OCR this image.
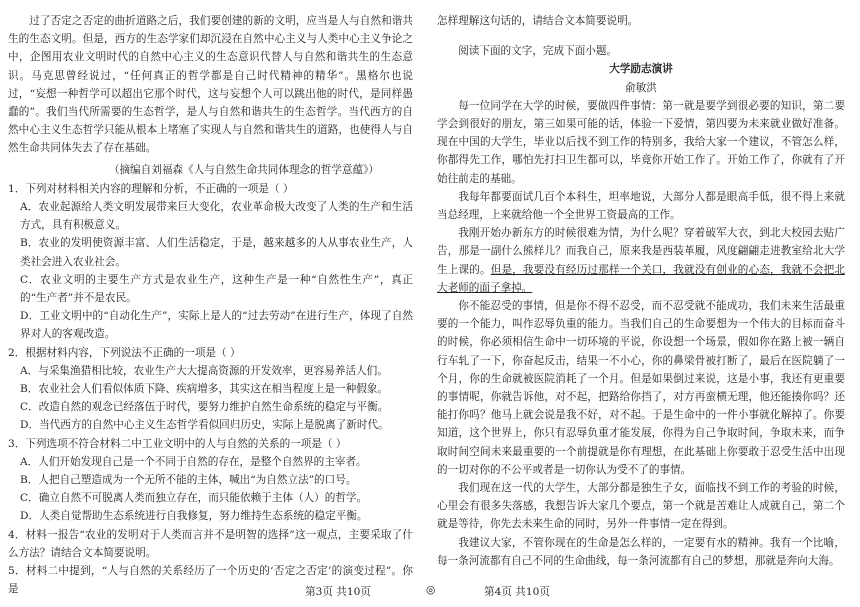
过了否定之否定的曲折道路之后，我们要创建的新的文明，应当是人与自然和谐共生的生态文明。但是，西方的生态学家们却沉浸在自然中心主义与人类中心主义争论之中，企图用农业文明时代的自然中心主义的生态意识代替人与自然和谐共生的生态意识。马克思曾经说过，“任何真正的哲学都是自己时代精神的精华”。黑格尔也说过，“妄想一种哲学可以超出它那个时代，这与妄想个人可以跳出他的时代，是同样愚蠢的”。我们当代所需要的生态哲学，是人与自然和谐共生的生态哲学。当代西方的自然中心主义生态哲学只能从根本上堵塞了实现人与自然和谐共生的道路，也使得人与自然生命共同体失去了存在基础。

（摘编自刘福森《人与自然生命共同体理念的哲学意蕴》）

1．下列对材料相关内容的理解和分析，不正确的一项是（ ）

A．农业起源给人类文明发展带来巨大变化，农业革命极大改变了人类的生产和生活方式，具有积极意义。

B．农业的发明使资源丰富、人们生活稳定，于是，越来越多的人从事农业生产，人类社会进入农业社会。

C．农业文明的主要生产方式是农业生产，这种生产是一种“自然性生产”，真正的“生产者”并不是农民。

D．工业文明中的“自动化生产”，实际上是人的“过去劳动”在进行生产，体现了自然界对人的客观改造。

2．根据材料内容，下列说法不正确的一项是（ ）

A．与采集渔猎相比较，农业生产大大提高资源的开发效率，更容易养活人们。

B．农业社会人们看似体质下降、疾病增多，其实这在相当程度上是一种假象。

C．改造自然的观念已经落伍于时代，要努力维护自然生命系统的稳定与平衡。

D．当代西方的自然中心主义生态哲学看似回归历史，实际上是脱离了新时代。

3．下列选项不符合材料二中工业文明中的人与自然的关系的一项是（ ）

A．人们开始发现自己是一个不同于自然的存在，是整个自然界的主宰者。

B．人把自己塑造成为一个无所不能的主体，喊出“为自然立法”的口号。

C．确立自然不可脱离人类而独立存在，而只能依赖于主体（人）的哲学。

D．人类自觉帮助生态系统进行自我修复，努力维持生态系统的稳定平衡。

4．材料一报告“农业的发明对于人类而言并不是明智的选择”这一观点，主要采取了什么方法？请结合文本简要说明。

5．材料二中提到，“人与自然的关系经历了一个历史的‘否定之否定’的演变过程”。你是

怎样理解这句话的，请结合文本简要说明。

阅读下面的文字，完成下面小题。

大学励志演讲

俞敏洪

每一位同学在大学的时候，要做四件事情：第一就是要学到很必要的知识，第二要学会到很好的朋友，第三如果可能的话，体验一下爱情，第四要为未来就业做好准备。现在中国的大学生，毕业以后找不到工作的特别多，我给大家一个建议，不管怎么样，你都得先工作，哪怕先打扫卫生都可以，毕竟你开始工作了。开始工作了，你就有了开始往前走的基础。

我每年都要面试几百个本科生，坦率地说，大部分人都是眼高手低，很不得上来就当总经理，上来就给他一个全世界工资最高的工作。

我刚开始办新东方的时候很难为情，为什么呢？穿着破军大衣，到北大校园去贴广告，那是一副什么熊样儿？而我自己，原来我是西装革履，风度翩翩走进教室给北大学生上课的。但是，我要没有经历过那样一个关口，我就没有创业的心态，我就不会把北大老师的面子拿掉。

你不能忍受的事情，但是你不得不忍受，而不忍受就不能成功，我们未来生活最重要的一个能力，叫作忍辱负重的能力。当我们自己的生命要想为一个伟大的目标而奋斗的时候，你必须相信生命中一切环境的平说，你设想一个场景，假如你在路上被一辆自行车轧了一下，你奋起反击，结果一不小心，你的鼻梁骨被打断了，最后在医院躺了一个月，你的生命就被医院消耗了一个月。但是如果倒过来说，这是小事，我还有更重要的事情呢，你就告诉他，对不起，把路给你挡了，对方再蛮横无理，他还能揍你吗？还能打你吗？他马上就会说是我不好，对不起。于是生命中的一件小事就化解掉了。你要知道，这个世界上，你只有忍辱负重才能发展，你得为自己争取时间，争取未来，而争取时间空间未来最重要的一个前提就是你有理想，在此基础上你要敢于忍受生活中出现的一切对你的不公平或者是一切你认为受不了的事情。

我们现在这一代的大学生，大部分都是独生子女，面临找不到工作的考验的时候，心里会有很多失落感，我想告诉大家几个要点，第一个就是苦难让人成就自己，第二个就是等待，你先去未来生命的同时，另外一件事情一定在得到。

我建议大家，不管你现在的生命是怎么样的，一定要有水的精神。我有一个比喻，每一条河流都有自己不同的生命曲线，每一条河流都有自己的梦想，那就是奔向大海。

第3页 共10页	◎	第4页 共10页
